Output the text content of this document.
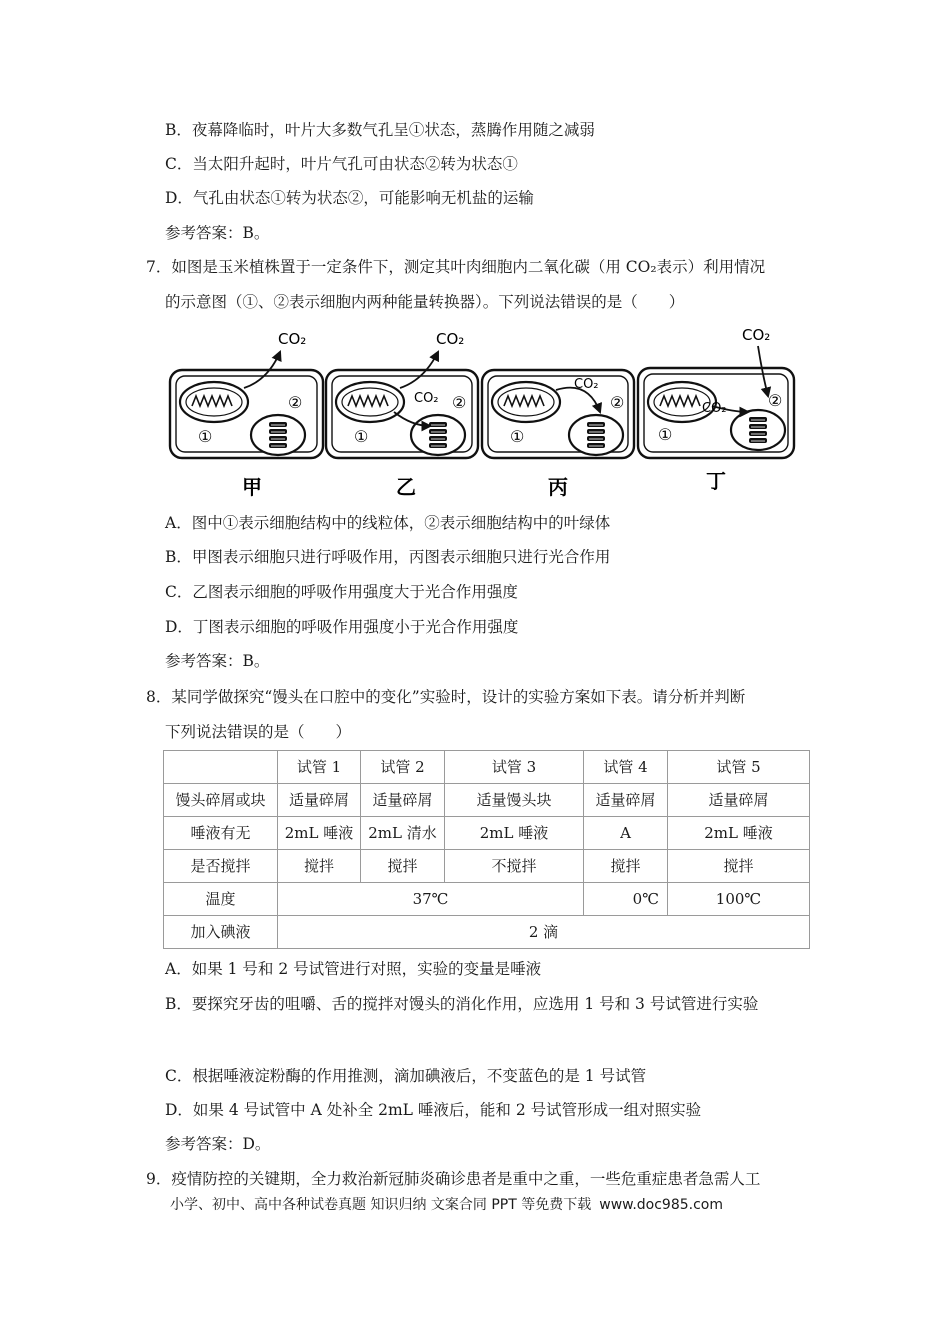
B．夜幕降临时，叶片大多数气孔呈①状态，蒸腾作用随之减弱
C．当太阳升起时，叶片气孔可由状态②转为状态①
D．气孔由状态①转为状态②，可能影响无机盐的运输
参考答案：B。
7．如图是玉米植株置于一定条件下，测定其叶肉细胞内二氧化碳（用 CO₂表示）利用情况
的示意图（①、②表示细胞内两种能量转换器）。下列说法错误的是（　　）
CO₂
②
①
甲
CO₂
CO₂ ②
①
乙
CO₂
②
①
丙
CO₂
CO₂	②
①
丁
A．图中①表示细胞结构中的线粒体，②表示细胞结构中的叶绿体
B．甲图表示细胞只进行呼吸作用，丙图表示细胞只进行光合作用
C．乙图表示细胞的呼吸作用强度大于光合作用强度
D．丁图表示细胞的呼吸作用强度小于光合作用强度
参考答案：B。
8．某同学做探究“馒头在口腔中的变化”实验时，设计的实验方案如下表。请分析并判断
下列说法错误的是（　　）
	试管 1	试管 2	试管 3	试管 4	试管 5
馒头碎屑或块	适量碎屑	适量碎屑	适量馒头块	适量碎屑	适量碎屑
唾液有无	2mL 唾液	2mL 清水	2mL 唾液	A	2mL 唾液
是否搅拌	搅拌	搅拌	不搅拌	搅拌	搅拌
温度	37℃			0℃	100℃
加入碘液	2 滴				
A．如果 1 号和 2 号试管进行对照，实验的变量是唾液
B．要探究牙齿的咀嚼、舌的搅拌对馒头的消化作用，应选用 1 号和 3 号试管进行实验
C．根据唾液淀粉酶的作用推测，滴加碘液后，不变蓝色的是 1 号试管
D．如果 4 号试管中 A 处补全 2mL 唾液后，能和 2 号试管形成一组对照实验
参考答案：D。
9．疫情防控的关键期，全力救治新冠肺炎确诊患者是重中之重，一些危重症患者急需人工
小学、初中、高中各种试卷真题 知识归纳 文案合同 PPT 等免费下载 www.doc985.com
